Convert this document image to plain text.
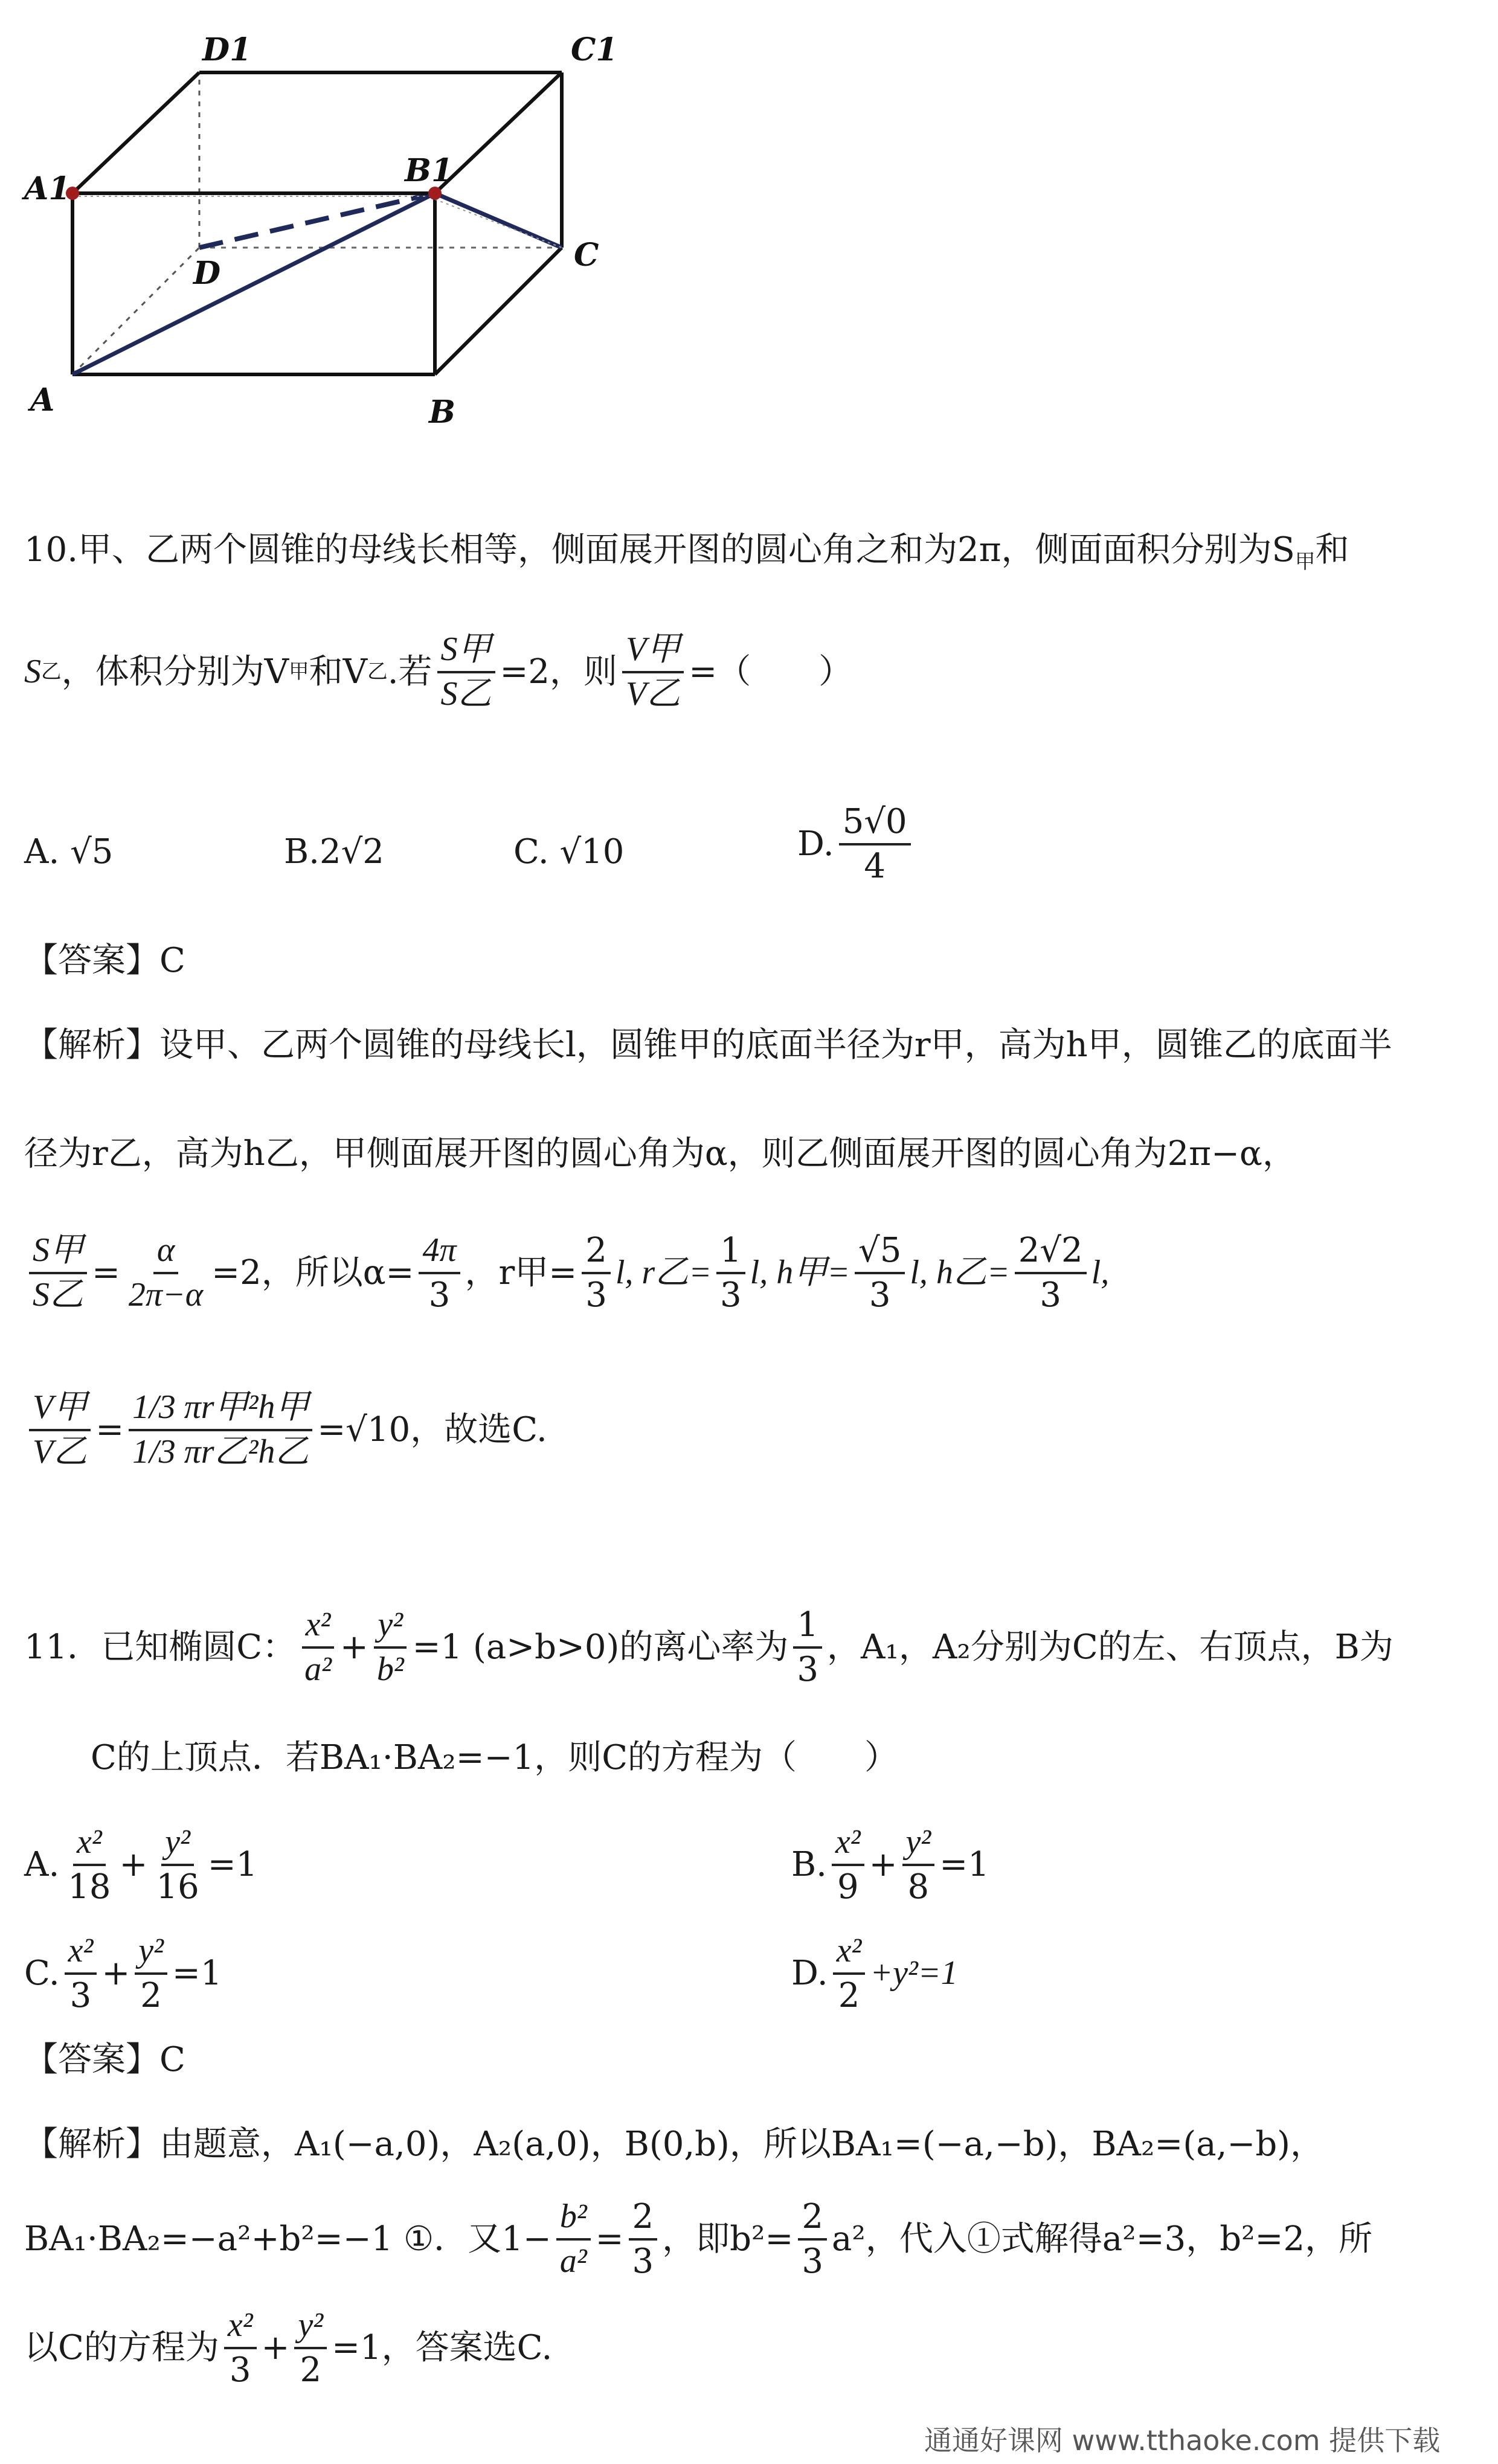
D1	C1
A1	B1
D	C
A	B
10.甲、乙两个圆锥的母线长相等，侧面展开图的圆心角之和为2π，侧面面积分别为$S_甲$和
S 乙 ，体积分别为V 甲 和V 乙 .若 $\frac{\text{S甲}}{\text{S乙}} =2$，则 $\frac{\text{V甲}}{\text{V乙}}$ =（　　）
A. √5	B.2√2	C. √10	D. $\frac{5√0}{4}$
【答案】C
【解析】设甲、乙两个圆锥的母线长l，圆锥甲的底面半径为r甲，高为h甲，圆锥乙的底面半
径为r乙，高为h乙，甲侧面展开图的圆心角为α，则乙侧面展开图的圆心角为2π−α，
$\frac{\text{S甲}}{\text{S乙}} = \frac{\alpha}{2\pi-\alpha} =2$，所以$\alpha= \frac{4\pi}{3}$ ，r甲= $\frac{2}{3} l$, r乙= $\frac{1}{3} l$, h甲= $\frac{√5}{3} l$, h乙= $\frac{2√2}{3} l$,
$\frac{\text{V甲}}{\text{V乙}} = \frac{\text{1/3 πr甲²h甲}}{\text{1/3 πr乙²h乙}} =√10$，故选C.
11．已知椭圆C： $\frac{\text{x²}}{\text{a²}} + \frac{\text{y²}}{\text{b²}} =1$ (a>b>0)的离心率为 $\frac{1}{3}$ ，A₁，A₂分别为C的左、右顶点，B为
C的上顶点．若BA₁·BA₂=−1，则C的方程为（　　）
A. $\frac{\text{x²}}{18} + \frac{\text{y²}}{16} =1$	B. $\frac{\text{x²}}{9} + \frac{\text{y²}}{8} =1$
C. $\frac{\text{x²}}{3} + \frac{\text{y²}}{2} =1$	D. $\frac{\text{x²}}{2} +y^2=1$
【答案】C
【解析】由题意，A₁(−a,0)，A₂(a,0)，B(0,b)，所以BA₁=(−a,−b)，BA₂=(a,−b)，
BA₁·BA₂=−a²+b²=−1 ①．又$1- \frac{\text{b²}}{\text{a²}} = \frac{2}{3}$ ，即$b^2= \frac{2}{3} a^2$，代入①式解得a²=3，b²=2，所
以C的方程为 $\frac{\text{x²}}{3} + \frac{\text{y²}}{2} =1$，答案选C.
通通好课网 www.tthaoke.com 提供下载
